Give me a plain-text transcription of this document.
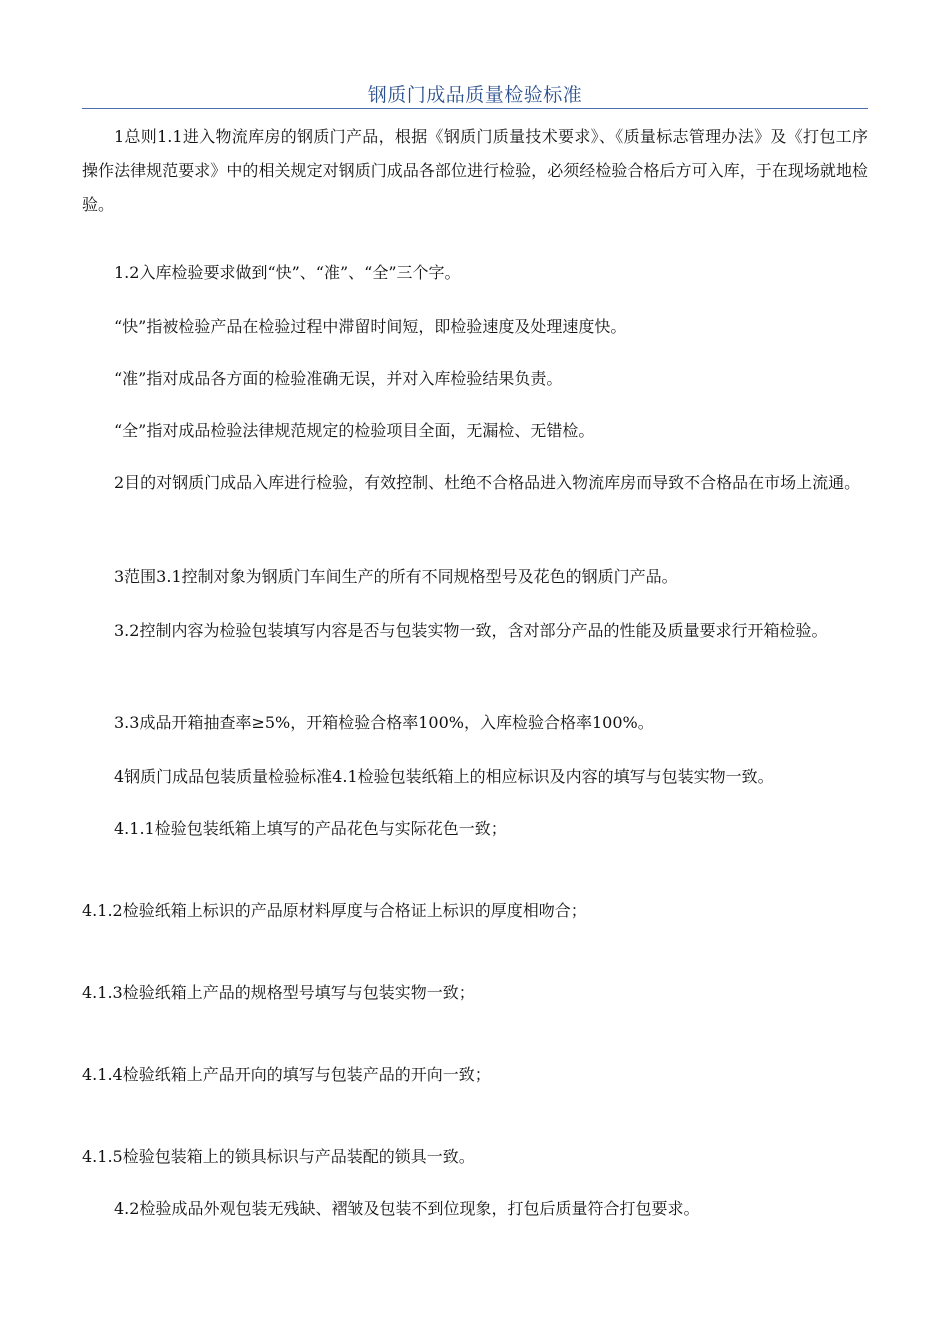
钢质门成品质量检验标准

1总则1.1进入物流库房的钢质门产品，根据《钢质门质量技术要求》、《质量标志管理办法》及《打包工序操作法律规范要求》中的相关规定对钢质门成品各部位进行检验，必须经检验合格后方可入库，于在现场就地检验。

1.2入库检验要求做到“快”、“准”、“全”三个字。

“快”指被检验产品在检验过程中滞留时间短，即检验速度及处理速度快。

“准”指对成品各方面的检验准确无误，并对入库检验结果负责。

“全”指对成品检验法律规范规定的检验项目全面，无漏检、无错检。

2目的对钢质门成品入库进行检验，有效控制、杜绝不合格品进入物流库房而导致不合格品在市场上流通。

3范围3.1控制对象为钢质门车间生产的所有不同规格型号及花色的钢质门产品。

3.2控制内容为检验包装填写内容是否与包装实物一致，含对部分产品的性能及质量要求行开箱检验。

3.3成品开箱抽查率≥5%，开箱检验合格率100%，入库检验合格率100%。

4钢质门成品包装质量检验标准4.1检验包装纸箱上的相应标识及内容的填写与包装实物一致。

4.1.1检验包装纸箱上填写的产品花色与实际花色一致；

4.1.2检验纸箱上标识的产品原材料厚度与合格证上标识的厚度相吻合；

4.1.3检验纸箱上产品的规格型号填写与包装实物一致；

4.1.4检验纸箱上产品开向的填写与包装产品的开向一致；

4.1.5检验包装箱上的锁具标识与产品装配的锁具一致。

4.2检验成品外观包装无残缺、褶皱及包装不到位现象，打包后质量符合打包要求。
